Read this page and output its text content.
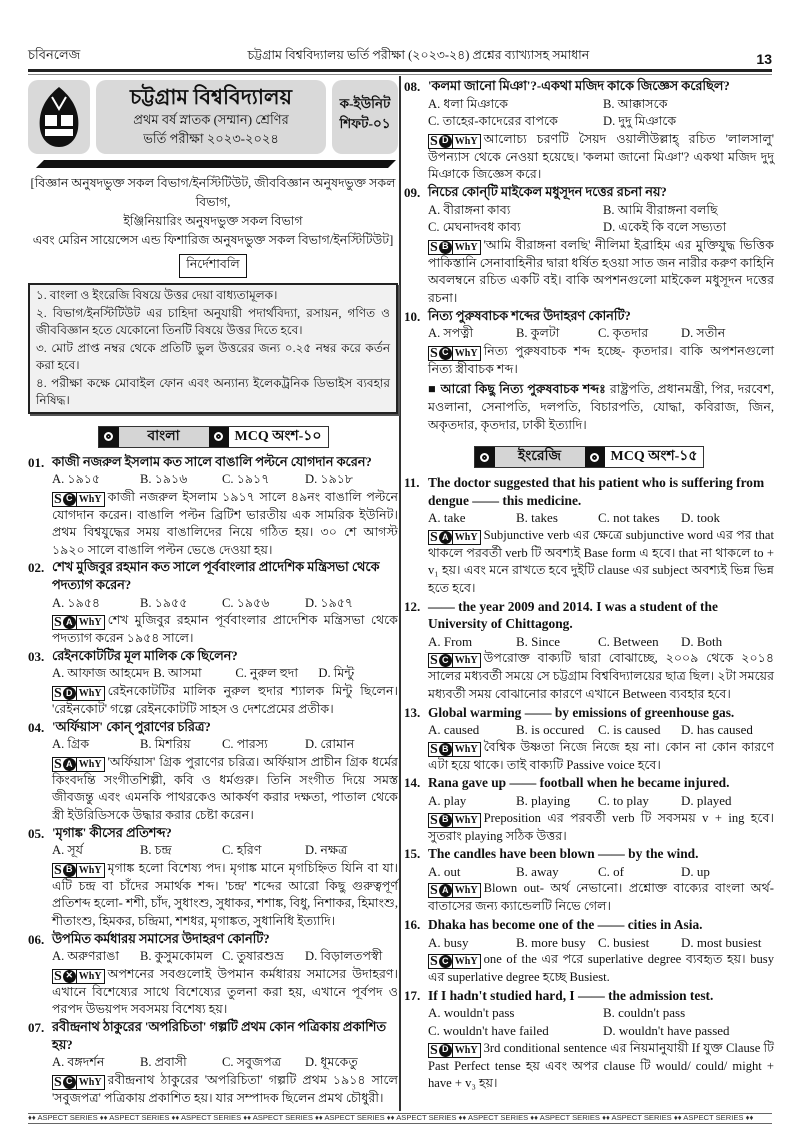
চবিনলেজ	চট্টগ্রাম বিশ্ববিদ্যালয় ভর্তি পরীক্ষা (২০২৩-২৪) প্রশ্নের ব্যাখ্যাসহ সমাধান	13
চট্টগ্রাম বিশ্ববিদ্যালয়
প্রথম বর্ষ স্নাতক (সম্মান) শ্রেণির
ভর্তি পরীক্ষা ২০২৩-২০২৪
ক-ইউনিট
শিফট-০১
[বিজ্ঞান অনুষদভুক্ত সকল বিভাগ/ইনস্টিটিউট, জীববিজ্ঞান অনুষদভুক্ত সকল বিভাগ,
ইঞ্জিনিয়ারিং অনুষদভুক্ত সকল বিভাগ
এবং মেরিন সায়েন্সেস এন্ড ফিশারিজ অনুষদভুক্ত সকল বিভাগ/ইনস্টিটিউট]
নির্দেশাবলি
১. বাংলা ও ইংরেজি বিষয়ে উত্তর দেয়া বাধ্যতামূলক।
২. বিভাগ/ইনস্টিটিউট এর চাহিদা অনুযায়ী পদার্থবিদ্যা, রসায়ন, গণিত ও জীববিজ্ঞান হতে যেকোনো তিনটি বিষয়ে উত্তর দিতে হবে।
৩. মোট প্রাপ্ত নম্বর থেকে প্রতিটি ভুল উত্তরের জন্য ০.২৫ নম্বর করে কর্তন করা হবে।
৪. পরীক্ষা কক্ষে মোবাইল ফোন এবং অন্যান্য ইলেকট্রনিক ডিভাইস ব্যবহার নিষিদ্ধ।
বাংলা	MCQ অংশ-১০
01. কাজী নজরুল ইসলাম কত সালে বাঙালি পল্টনে যোগদান করেন?
A. ১৯১৫	B. ১৯১৬	C. ১৯১৭	D. ১৯১৮
S C WhY কাজী নজরুল ইসলাম ১৯১৭ সালে ৪৯নং বাঙালি পল্টনে যোগদান করেন। বাঙালি পল্টন ব্রিটিশ ভারতীয় এক সামরিক ইউনিট। প্রথম বিশ্বযুদ্ধের সময় বাঙালিদের নিয়ে গঠিত হয়। ৩০ শে আগস্ট ১৯২০ সালে বাঙালি পল্টন ভেঙে দেওয়া হয়।
02. শেখ মুজিবুর রহমান কত সালে পূর্ববাংলার প্রাদেশিক মন্ত্রিসভা থেকে পদত্যাগ করেন?
A. ১৯৫৪	B. ১৯৫৫	C. ১৯৫৬	D. ১৯৫৭
S A WhY শেখ মুজিবুর রহমান পূর্ববাংলার প্রাদেশিক মন্ত্রিসভা থেকে পদত্যাগ করেন ১৯৫৪ সালে।
03. রেইনকোটটির মূল মালিক কে ছিলেন?
A. আফাজ আহমেদ B. আসমা	C. নুরুল হুদা	D. মিন্টু
S D WhY রেইনকোটটির মালিক নুরুল হুদার শ্যালক মিন্টু ছিলেন। 'রেইনকোট' গল্পে রেইনকোটটি সাহস ও দেশপ্রেমের প্রতীক।
04. 'অর্ফিয়াস' কোন্ পুরাণের চরিত্র?
A. গ্রিক	B. মিশরিয়	C. পারস্য	D. রোমান
S A WhY 'অর্ফিয়াস' গ্রিক পুরাণের চরিত্র। অর্ফিয়াস প্রাচীন গ্রিক ধর্মের কিংবদন্তি সংগীতশিল্পী, কবি ও ধর্মগুরু। তিনি সংগীত দিয়ে সমস্ত জীবজন্তু এবং এমনকি পাথরকেও আকর্ষণ করার দক্ষতা, পাতাল থেকে স্ত্রী ইউরিডিসকে উদ্ধার করার চেষ্টা করেন।
05. 'মৃগাঙ্ক' কীসের প্রতিশব্দ?
A. সূর্য	B. চন্দ্র	C. হরিণ	D. নক্ষত্র
S B WhY মৃগাঙ্ক হলো বিশেষ্য পদ। মৃগাঙ্ক মানে মৃগচিহ্নিত যিনি বা যা। এটি চন্দ্র বা চাঁদের সমার্থক শব্দ। 'চন্দ্র' শব্দের আরো কিছু গুরুত্বপূর্ণ প্রতিশব্দ হলো- শশী, চাঁদ, সুধাংশু, সুধাকর, শশাঙ্ক, বিধু, নিশাকর, হিমাংশু, শীতাংশু, হিমকর, চন্দ্রিমা, শশধর, মৃগাঙ্কত, সুধানিধি ইত্যাদি।
06. উপমিত কর্মধারয় সমাসের উদাহরণ কোনটি?
A. অরুণরাঙা	B. কুসুমকোমল C. তুষারশুভ্র	D. বিড়ালতপস্বী
S ✕ WhY অপশনের সবগুলোই উপমান কর্মধারয় সমাসের উদাহরণ। এখানে বিশেষ্যের সাথে বিশেষ্যের তুলনা করা হয়, এখানে পূর্বপদ ও পরপদ উভয়পদ সবসময় বিশেষ্য হয়।
07. রবীন্দ্রনাথ ঠাকুরের 'অপরিচিতা' গল্পটি প্রথম কোন পত্রিকায় প্রকাশিত হয়?
A. বঙ্গদর্শন	B. প্রবাসী	C. সবুজপত্র	D. ধূমকেতু
S C WhY রবীন্দ্রনাথ ঠাকুরের 'অপরিচিতা' গল্পটি প্রথম ১৯১৪ সালে 'সবুজপত্র' পত্রিকায় প্রকাশিত হয়। যার সম্পাদক ছিলেন প্রমথ চৌধুরী।
08. 'কলমা জানো মিঞা'?-একথা মজিদ কাকে জিজ্ঞেস করেছিল?
A. ধলা মিঞাকে	B. আক্কাসকে
C. তাহের-কাদেরের বাপকে	D. দুদু মিঞাকে
S D WhY আলোচ্য চরণটি সৈয়দ ওয়ালীউল্লাহ্ রচিত 'লালসালু' উপন্যাস থেকে নেওয়া হয়েছে। 'কলমা জানো মিঞা'? একথা মজিদ দুদু মিঞাকে জিজ্ঞেস করে।
09. নিচের কোন্‌টি মাইকেল মধুসূদন দত্তের রচনা নয়?
A. বীরাঙ্গনা কাব্য	B. আমি বীরাঙ্গনা বলছি
C. মেঘনাদবধ কাব্য	D. একেই কি বলে সভ্যতা
S B WhY 'আমি বীরাঙ্গনা বলছি' নীলিমা ইব্রাহিম এর মুক্তিযুদ্ধ ভিত্তিক পাকিস্তানি সেনাবাহিনীর দ্বারা ধর্ষিত হওয়া সাত জন নারীর করুণ কাহিনি অবলম্বনে রচিত একটি বই। বাকি অপশনগুলো মাইকেল মধুসূদন দত্তের রচনা।
10. নিত্য পুরুষবাচক শব্দের উদাহরণ কোনটি?
A. সপত্নী	B. কুলটা	C. কৃতদার	D. সতীন
S C WhY নিত্য পুরুষবাচক শব্দ হচ্ছে- কৃতদার। বাকি অপশনগুলো নিত্য স্ত্রীবাচক শব্দ।
■ আরো কিছু নিত্য পুরুষবাচক শব্দঃ রাষ্ট্রপতি, প্রধানমন্ত্রী, পির, দরবেশ, মওলানা, সেনাপতি, দলপতি, বিচারপতি, যোদ্ধা, কবিরাজ, জিন, অকৃতদার, কৃতদার, ঢাকী ইত্যাদি।
ইংরেজি	MCQ অংশ-১৫
11. The doctor suggested that his patient who is suffering from dengue —— this medicine.
A. take	B. takes	C. not takes	D. took
S A WhY Subjunctive verb এর ক্ষেত্রে subjunctive word এর পর that থাকলে পরবর্তী verb টি অবশ্যই Base form এ হবে। that না থাকলে to + v₁ হয়। এবং মনে রাখতে হবে দুইটি clause এর subject অবশ্যই ভিন্ন ভিন্ন হতে হবে।
12. —— the year 2009 and 2014. I was a student of the University of Chittagong.
A. From	B. Since	C. Between	D. Both
S C WhY উপরোক্ত বাক্যটি দ্বারা বোঝাচ্ছে, ২০০৯ থেকে ২০১৪ সালের মধ্যবর্তী সময়ে সে চট্টগ্রাম বিশ্ববিদ্যালয়ের ছাত্র ছিল। ২টা সময়ের মধ্যবর্তী সময় বোঝানোর কারণে এখানে Between ব্যবহার হবে।
13. Global warming —— by emissions of greenhouse gas.
A. caused	B. is occured	C. is caused	D. has caused
S B WhY বৈশ্বিক উষ্ণতা নিজে নিজে হয় না। কোন না কোন কারণে এটা হয়ে থাকে। তাই বাক্যটি Passive voice হবে।
14. Rana gave up —— football when he became injured.
A. play	B. playing	C. to play	D. played
S B WhY Preposition এর পরবর্তী verb টি সবসময় v + ing হবে। সুতরাং playing সঠিক উত্তর।
15. The candles have been blown —— by the wind.
A. out	B. away	C. of	D. up
S A WhY Blown out- অর্থ নেভানো। প্রশ্নোক্ত বাক্যের বাংলা অর্থ- বাতাসের জন্য ক্যান্ডেলটি নিভে গেল।
16. Dhaka has become one of the —— cities in Asia.
A. busy	B. more busy C. busiest	D. most busiest
S C WhY one of the এর পরে superlative degree ব্যবহৃত হয়। busy এর superlative degree হচ্ছে Busiest.
17. If I hadn't studied hard, I —— the admission test.
A. wouldn't pass	B. couldn't pass
C. wouldn't have failed	D. wouldn't have passed
S D WhY 3rd conditional sentence এর নিয়মানুযায়ী If যুক্ত Clause টি Past Perfect tense হয় এবং অপর clause টি would/ could/ might + have + v₃ হয়।
♦♦ ASPECT SERIES ♦♦ ASPECT SERIES ♦♦ ASPECT SERIES ♦♦ ASPECT SERIES ♦♦ ASPECT SERIES ♦♦ ASPECT SERIES ♦♦ ASPECT SERIES ♦♦ ASPECT SERIES ♦♦ ASPECT SERIES ♦♦ ASPECT SERIES ♦♦
